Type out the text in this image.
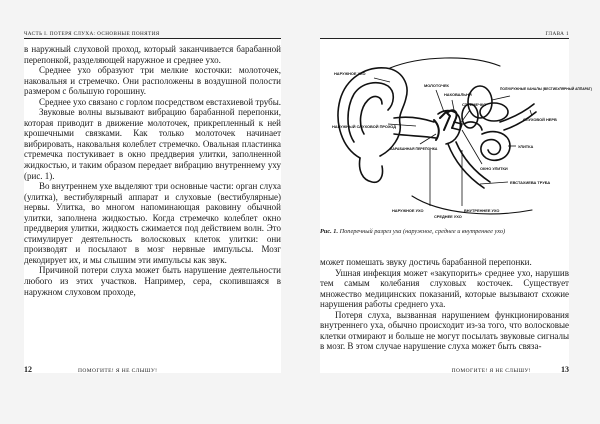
ЧАСТЬ I. ПОТЕРЯ СЛУХА: ОСНОВНЫЕ ПОНЯТИЯ

в наружный слуховой проход, который заканчивается барабанной перепонкой, разделяющей наружное и среднее ухо.

Среднее ухо образуют три мелкие косточки: молоточек, наковальня и стремечко. Они расположены в воздушной полости размером с большую горошину.

Среднее ухо связано с горлом посредством евстахиевой трубы.

Звуковые волны вызывают вибрацию барабанной перепонки, которая приводит в движение молоточек, прикрепленный к ней крошечными связками. Как только молоточек начинает вибрировать, наковальня колеблет стремечко. Овальная пластинка стремечка постукивает в окно преддверия улитки, заполненной жидкостью, и таким образом передает вибрацию внутреннему уху (рис. 1).

Во внутреннем ухе выделяют три основные части: орган слуха (улитка), вестибулярный аппарат и слуховые (вестибулярные) нервы. Улитка, во многом напоминающая раковину обычной улитки, заполнена жидкостью. Когда стремечко колеблет окно преддверия улитки, жидкость сжимается под действием волн. Это стимулирует деятельность волосковых клеток улитки: они производят и посылают в мозг нервные импульсы. Мозг декодирует их, и мы слышим эти импульсы как звук.

Причиной потери слуха может быть нарушение деятельности любого из этих участков. Например, сера, скопившаяся в наружном слуховом проходе,

12	ПОМОГИТЕ! Я НЕ СЛЫШУ!
ГЛАВА 1
НАРУЖНОЕ УХО
МОЛОТОЧЕК
НАКОВАЛЬНЯ
СТРЕМЕЧКО
ПОЛУКРУЖНЫЕ КАНАЛЫ (ВЕСТИБУЛЯРНЫЙ АППАРАТ)
НАРУЖНЫЙ СЛУХОВОЙ ПРОХОД
СЛУХОВОЙ НЕРВ
БАРАБАННАЯ ПЕРЕПОНКА	УЛИТКА
ОКНО УЛИТКИ
ЕВСТАХИЕВА ТРУБА
НАРУЖНОЕ УХО
СРЕДНЕЕ УХО
ВНУТРЕННЕЕ УХО
Рис. 1. Поперечный разрез уха (наружное, среднее и внутреннее ухо)

может помешать звуку достичь барабанной перепонки.

Ушная инфекция может «закупорить» среднее ухо, нарушив тем самым колебания слуховых косточек. Существует множество медицинских показаний, которые вызывают схожие нарушения работы среднего уха.

Потеря слуха, вызванная нарушением функционирования внутреннего уха, обычно происходит из-за того, что волосковые клетки отмирают и больше не могут посылать звуковые сигналы в мозг. В этом случае нарушение слуха может быть связа-

ПОМОГИТЕ! Я НЕ СЛЫШУ!	13
